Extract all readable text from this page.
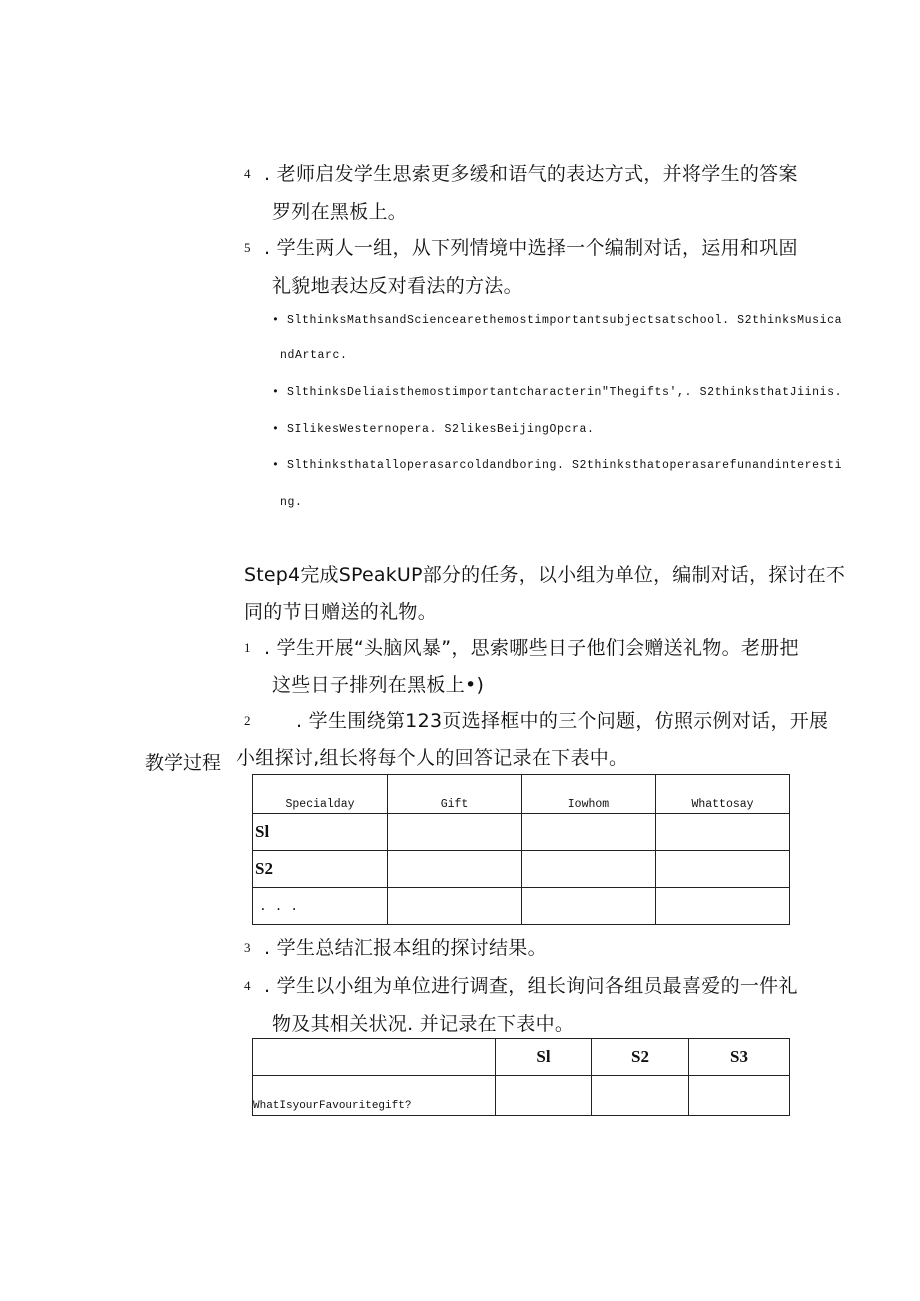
4 . 老师启发学生思索更多缓和语气的表达方式，并将学生的答案
罗列在黑板上。
5 . 学生两人一组，从下列情境中选择一个编制对话，运用和巩固
礼貌地表达反对看法的方法。
• SlthinksMathsandSciencearethemostimportantsubjectsatschool. S2thinksMusica
ndArtarc.
• SlthinksDeliaisthemostimportantcharacterin"Thegifts',. S2thinksthatJiinis.
• SIlikesWesternopera. S2likesBeijingOpcra.
• Slthinksthatalloperasarcoldandboring. S2thinksthatoperasarefunandinteresti
ng.
Step4完成SPeakUP部分的任务，以小组为单位，编制对话，探讨在不
同的节日赠送的礼物。
1 . 学生开展“头脑风暴”，思索哪些日子他们会赠送礼物。老册把
这些日子排列在黑板上•)
2 . 学生围绕第123页选择框中的三个问题，仿照示例对话，开展
小组探讨,组长将每个人的回答记录在下表中。
教学过程
Specialday	Gift	Iowhom	Whattosay
Sl			
S2			
. . .			
3 . 学生总结汇报本组的探讨结果。
4 . 学生以小组为单位进行调查，组长询问各组员最喜爱的一件礼
物及其相关状况. 并记录在下表中。
	Sl	S2	S3
WhatIsyourFavouritegift?			
